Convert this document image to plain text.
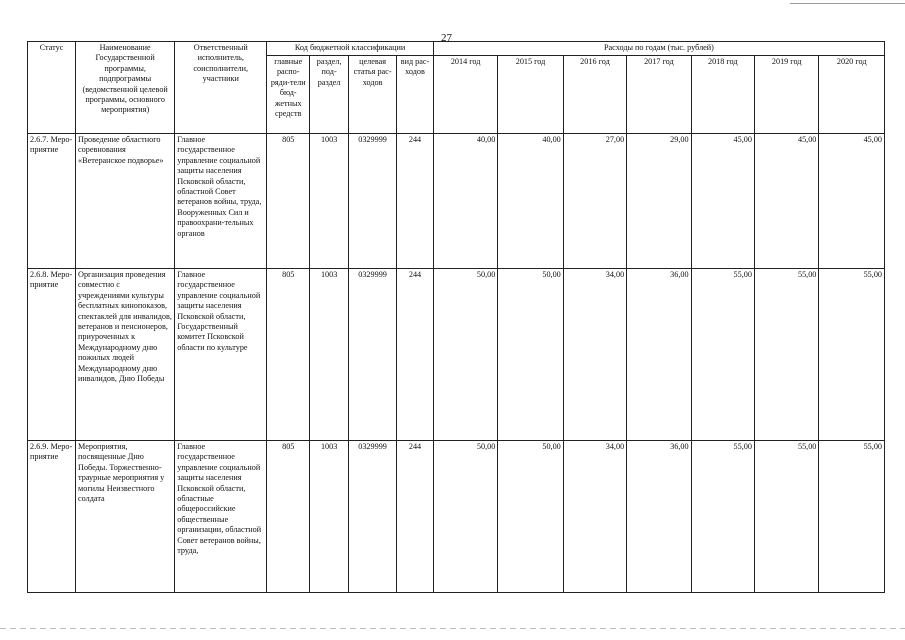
27
Статус	Наименование Государственной программы, подпрограммы (ведомственной целевой программы, основного мероприятия)	Ответственный исполнитель, соисполнители, участники	Код бюджетной классификации				Расходы по годам (тыс. рублей)						
			главные распо-ряди-тели бюд-жетных средств	раздел, под-раздел	целевая статья рас-ходов	вид рас-ходов	2014 год	2015 год	2016 год	2017 год	2018 год	2019 год	2020 год
2.6.7. Меро-приятие	Проведение областного соревнования «Ветеранское подворье»	Главное государственное управление социальной защиты населения Псковской области, областной Совет ветеранов войны, труда, Вооруженных Сил и правоохрани-тельных органов	805	1003	0329999	244	40,00	40,00	27,00	29,00	45,00	45,00	45,00
2.6.8. Меро-приятие	Организация проведения совместно с учреждениями культуры бесплатных кинопоказов, спектаклей для инвалидов, ветеранов и пенсионеров, приуроченных к Международному дню пожилых людей Международному дню инвалидов, Дню Победы	Главное государственное управление социальной защиты населения Псковской области, Государственный комитет Псковской области по культуре	805	1003	0329999	244	50,00	50,00	34,00	36,00	55,00	55,00	55,00
2.6.9. Меро-приятие	Мероприятия, посвященные Дню Победы. Торжественно-траурные мероприятия у могилы Неизвестного солдата	Главное государственное управление социальной защиты населения Псковской области, областные общероссийские общественные организации, областной Совет ветеранов войны, труда,	805	1003	0329999	244	50,00	50,00	34,00	36,00	55,00	55,00	55,00
